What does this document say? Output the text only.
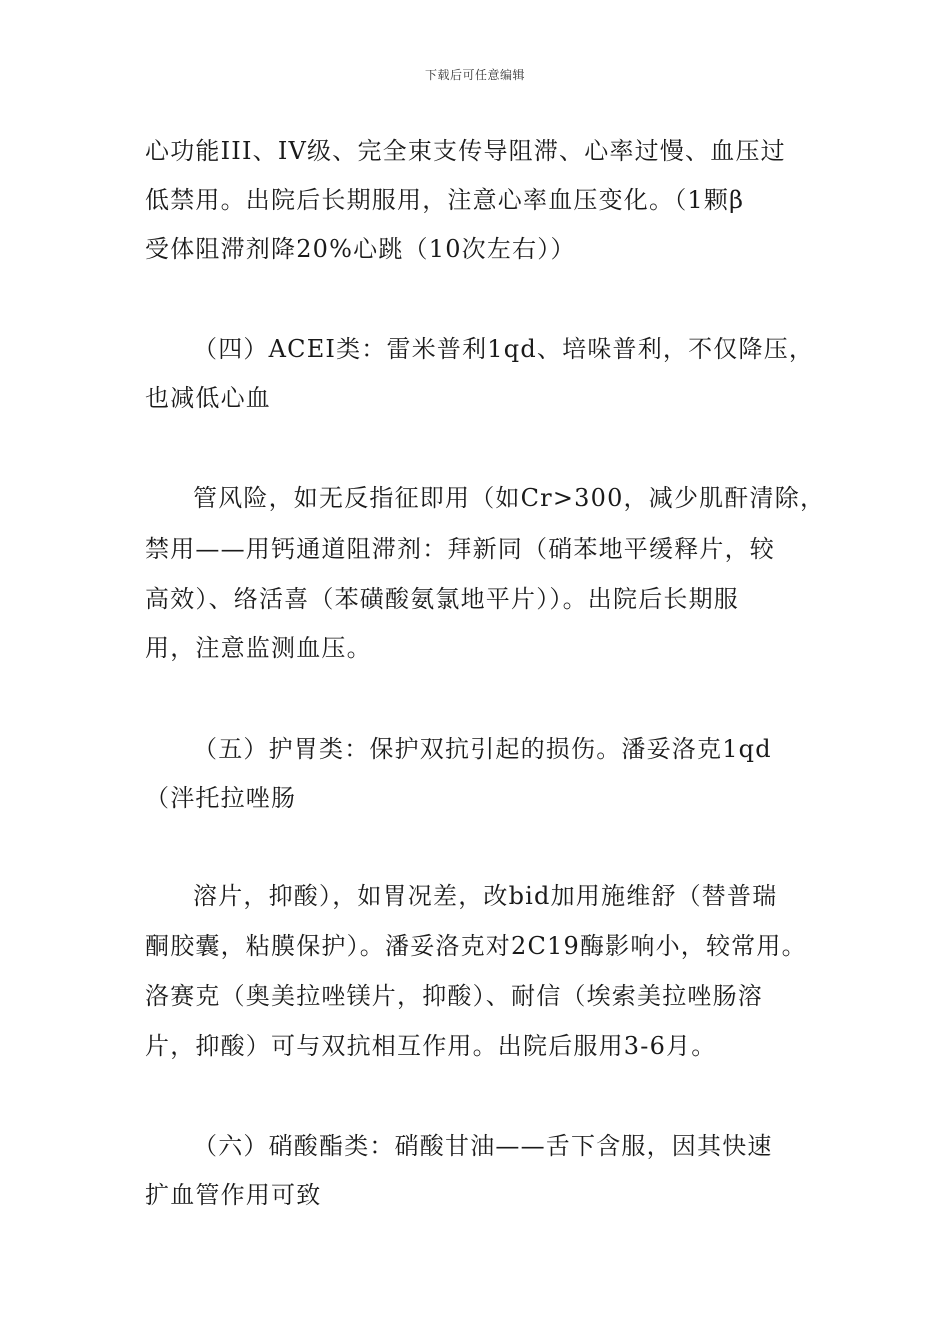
下载后可任意编辑
心功能III、IV级、完全束支传导阻滞、心率过慢、血压过
低禁用。出院后长期服用，注意心率血压变化。（1颗β
受体阻滞剂降20%心跳（10次左右））
（四）ACEI类：雷米普利1qd、培哚普利，不仅降压，
也减低心血
管风险，如无反指征即用（如Cr>300，减少肌酐清除，
禁用——用钙通道阻滞剂：拜新同（硝苯地平缓释片，较
高效）、络活喜（苯磺酸氨氯地平片））。出院后长期服
用，注意监测血压。
（五）护胃类：保护双抗引起的损伤。潘妥洛克1qd
（泮托拉唑肠
溶片，抑酸），如胃况差，改bid加用施维舒（替普瑞
酮胶囊，粘膜保护）。潘妥洛克对2C19酶影响小，较常用。
洛赛克（奥美拉唑镁片，抑酸）、耐信（埃索美拉唑肠溶
片，抑酸）可与双抗相互作用。出院后服用3-6月。
（六）硝酸酯类：硝酸甘油——舌下含服，因其快速
扩血管作用可致
